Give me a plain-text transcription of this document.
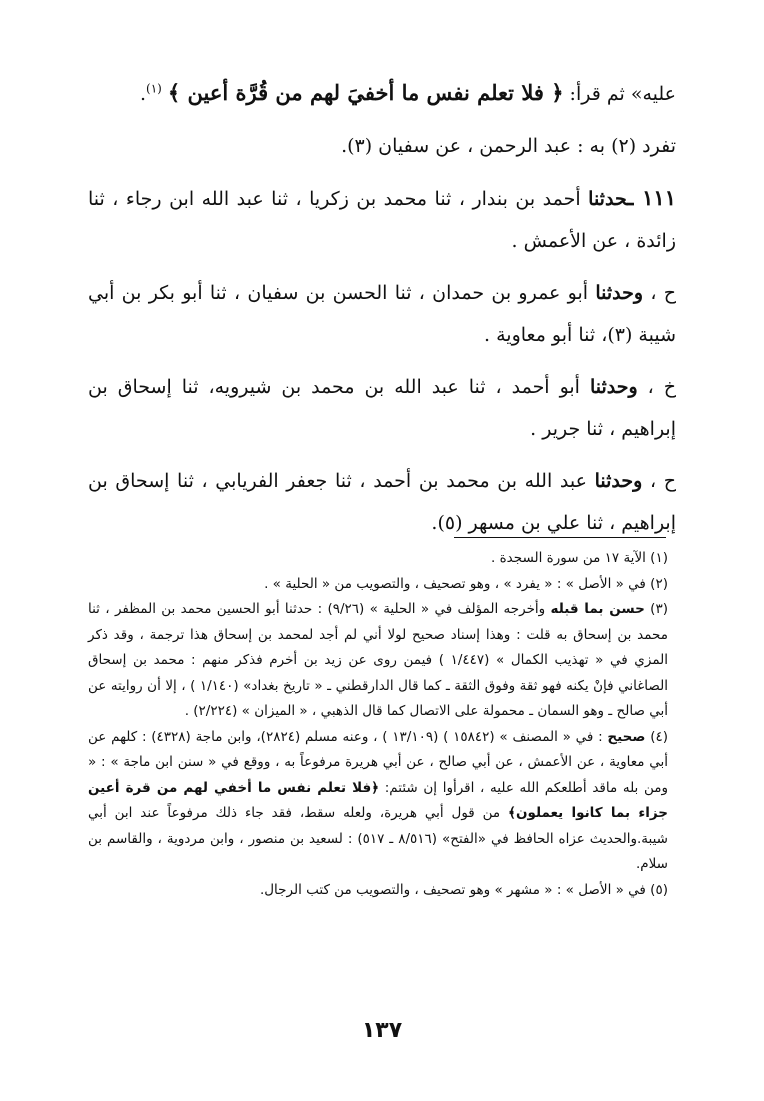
عليه» ثم قرأ: ﴿ فلا تعلم نفس ما أخفيَ لهم من قُرَّة أعين ﴾ $^{(١)}$.

تفرد (٢) به : عبد الرحمن ، عن سفيان (٣).

١١١ ـحدثنا أحمد بن بندار ، ثنا محمد بن زكريا ، ثنا عبد الله ابن رجاء ، ثنا زائدة ، عن الأعمش .

ح ، وحدثنا أبو عمرو بن حمدان ، ثنا الحسن بن سفيان ، ثنا أبو بكر بن أبي شيبة (٣)، ثنا أبو معاوية .

خ ، وحدثنا أبو أحمد ، ثنا عبد الله بن محمد بن شيرويه، ثنا إسحاق بن إبراهيم ، ثنا جرير .

ح ، وحدثنا عبد الله بن محمد بن أحمد ، ثنا جعفر الفريابي ، ثنا إسحاق بن إبراهيم ، ثنا علي بن مسهر (٥).

(١) الآية ١٧ من سورة السجدة .

(٢) في « الأصل » : « يفرد » ، وهو تصحيف ، والتصويب من « الحلية » .

(٣) حسن بما قبله وأخرجه المؤلف في « الحلية » (٩/٢٦) : حدثنا أبو الحسين محمد بن المظفر ، ثنا محمد بن إسحاق به قلت : وهذا إسناد صحيح لولا أني لم أجد لمحمد بن إسحاق هذا ترجمة ، وقد ذكر المزي في « تهذيب الكمال » (١/٤٤٧ ) فيمن روى عن زيد بن أخرم فذكر منهم : محمد بن إسحاق الصاغاني فإنْ يكنه فهو ثقة وفوق الثقة ـ كما قال الدارقطني ـ « تاريخ بغداد» (١/١٤٠ ) ، إلا أن روايته عن أبي صالح ـ وهو السمان ـ محمولة على الاتصال كما قال الذهبي ، « الميزان » (٢/٢٢٤) .

(٤) صحيح : في « المصنف » (١٥٨٤٢ ) (١٣/١٠٩ ) ، وعنه مسلم (٢٨٢٤)، وابن ماجة (٤٣٢٨) : كلهم عن أبي معاوية ، عن الأعمش ، عن أبي صالح ، عن أبي هريرة مرفوعاً به ، ووقع في « سنن ابن ماجة » : « ومن بله ماقد أطلعكم الله عليه ، اقرأوا إن شئتم: ﴿فلا تعلم نفس ما أخفي لهم من قرة أعين جزاء بما كانوا يعملون﴾ من قول أبي هريرة، ولعله سقط، فقد جاء ذلك مرفوعاً عند ابن أبي شيبة.والحديث عزاه الحافظ في «الفتح» (٨/٥١٦ ـ ٥١٧) : لسعيد بن منصور ، وابن مردوية ، والقاسم بن سلام.

(٥) في « الأصل » : « مشهر » وهو تصحيف ، والتصويب من كتب الرجال.

١٣٧
